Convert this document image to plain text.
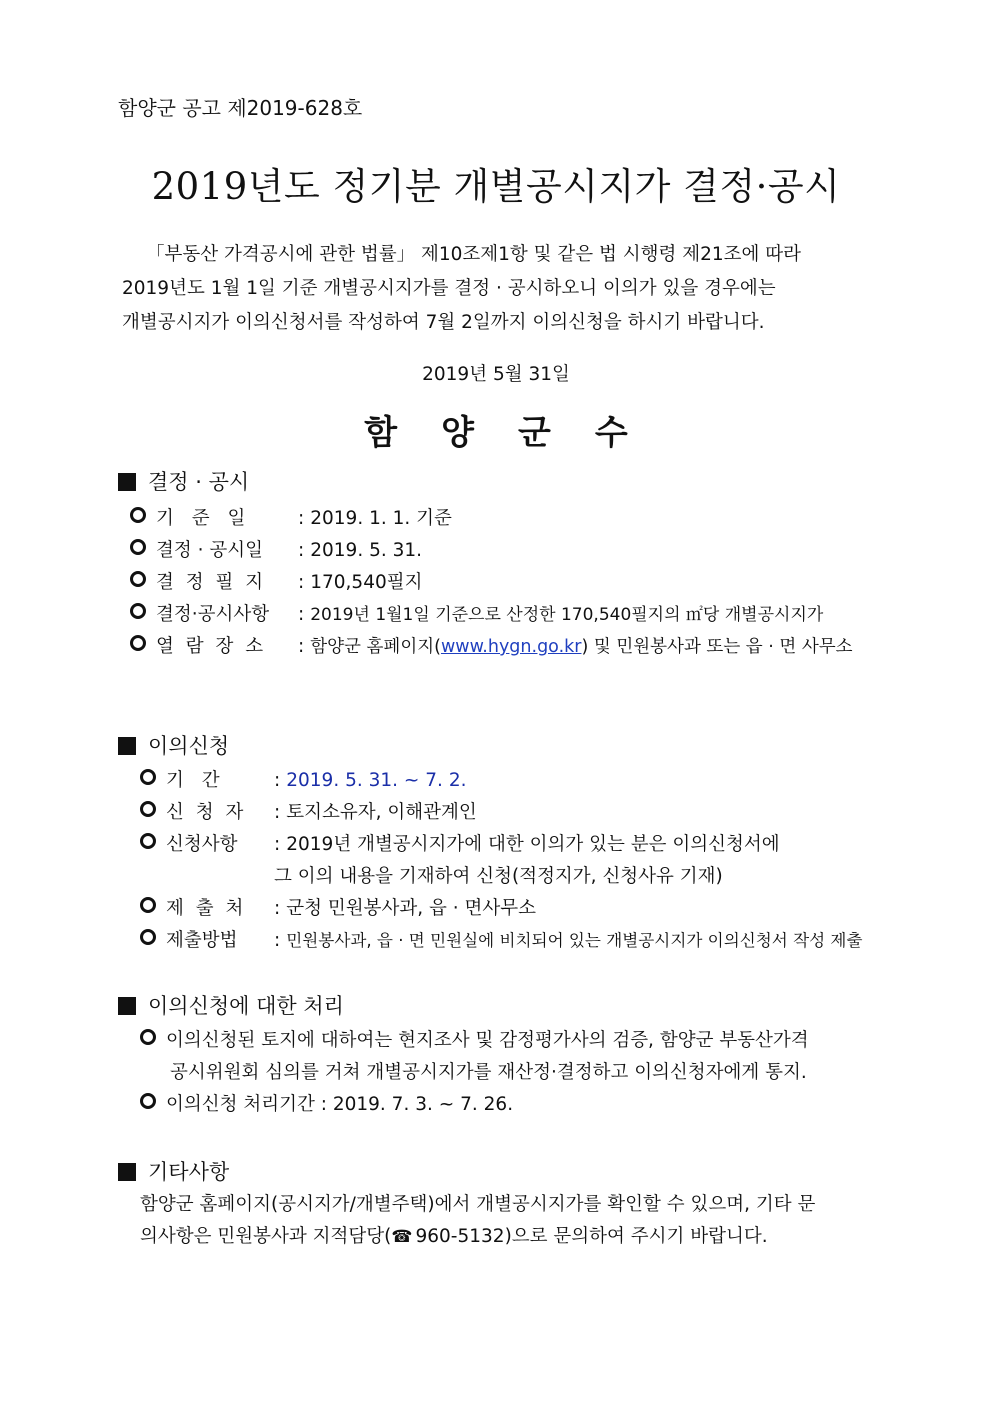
함양군 공고 제2019-628호
2019년도 정기분 개별공시지가 결정·공시

「부동산 가격공시에 관한 법률」 제10조제1항 및 같은 법 시행령 제21조에 따라

2019년도 1월 1일 기준 개별공시지가를 결정 · 공시하오니 이의가 있을 경우에는

개별공시지가 이의신청서를 작성하여 7월 2일까지 이의신청을 하시기 바랍니다.

2019년 5월 31일
함양군수
결정 · 공시
기 준 일	: 2019. 1. 1. 기준
결정 · 공시일 : 2019. 5. 31.
결 정 필 지 : 170,540필지
결정·공시사항 : 2019년 1월1일 기준으로 산정한 170,540필지의 ㎡당 개별공시지가
열 람 장 소 : 함양군 홈페이지(www.hygn.go.kr) 및 민원봉사과 또는 읍 · 면 사무소
이의신청
기 간	: 2019. 5. 31. ~ 7. 2.
신 청 자 : 토지소유자, 이해관계인
신청사항 : 2019년 개별공시지가에 대한 이의가 있는 분은 이의신청서에
그 이의 내용을 기재하여 신청(적정지가, 신청사유 기재)
제 출 처 : 군청 민원봉사과, 읍 · 면사무소
제출방법 : 민원봉사과, 읍 · 면 민원실에 비치되어 있는 개별공시지가 이의신청서 작성 제출
이의신청에 대한 처리
이의신청된 토지에 대하여는 현지조사 및 감정평가사의 검증, 함양군 부동산가격
공시위원회 심의를 거쳐 개별공시지가를 재산정·결정하고 이의신청자에게 통지.
이의신청 처리기간 : 2019. 7. 3. ~ 7. 26.
기타사항
함양군 홈페이지(공시지가/개별주택)에서 개별공시지가를 확인할 수 있으며, 기타 문
의사항은 민원봉사과 지적담당(☎ 960-5132)으로 문의하여 주시기 바랍니다.
